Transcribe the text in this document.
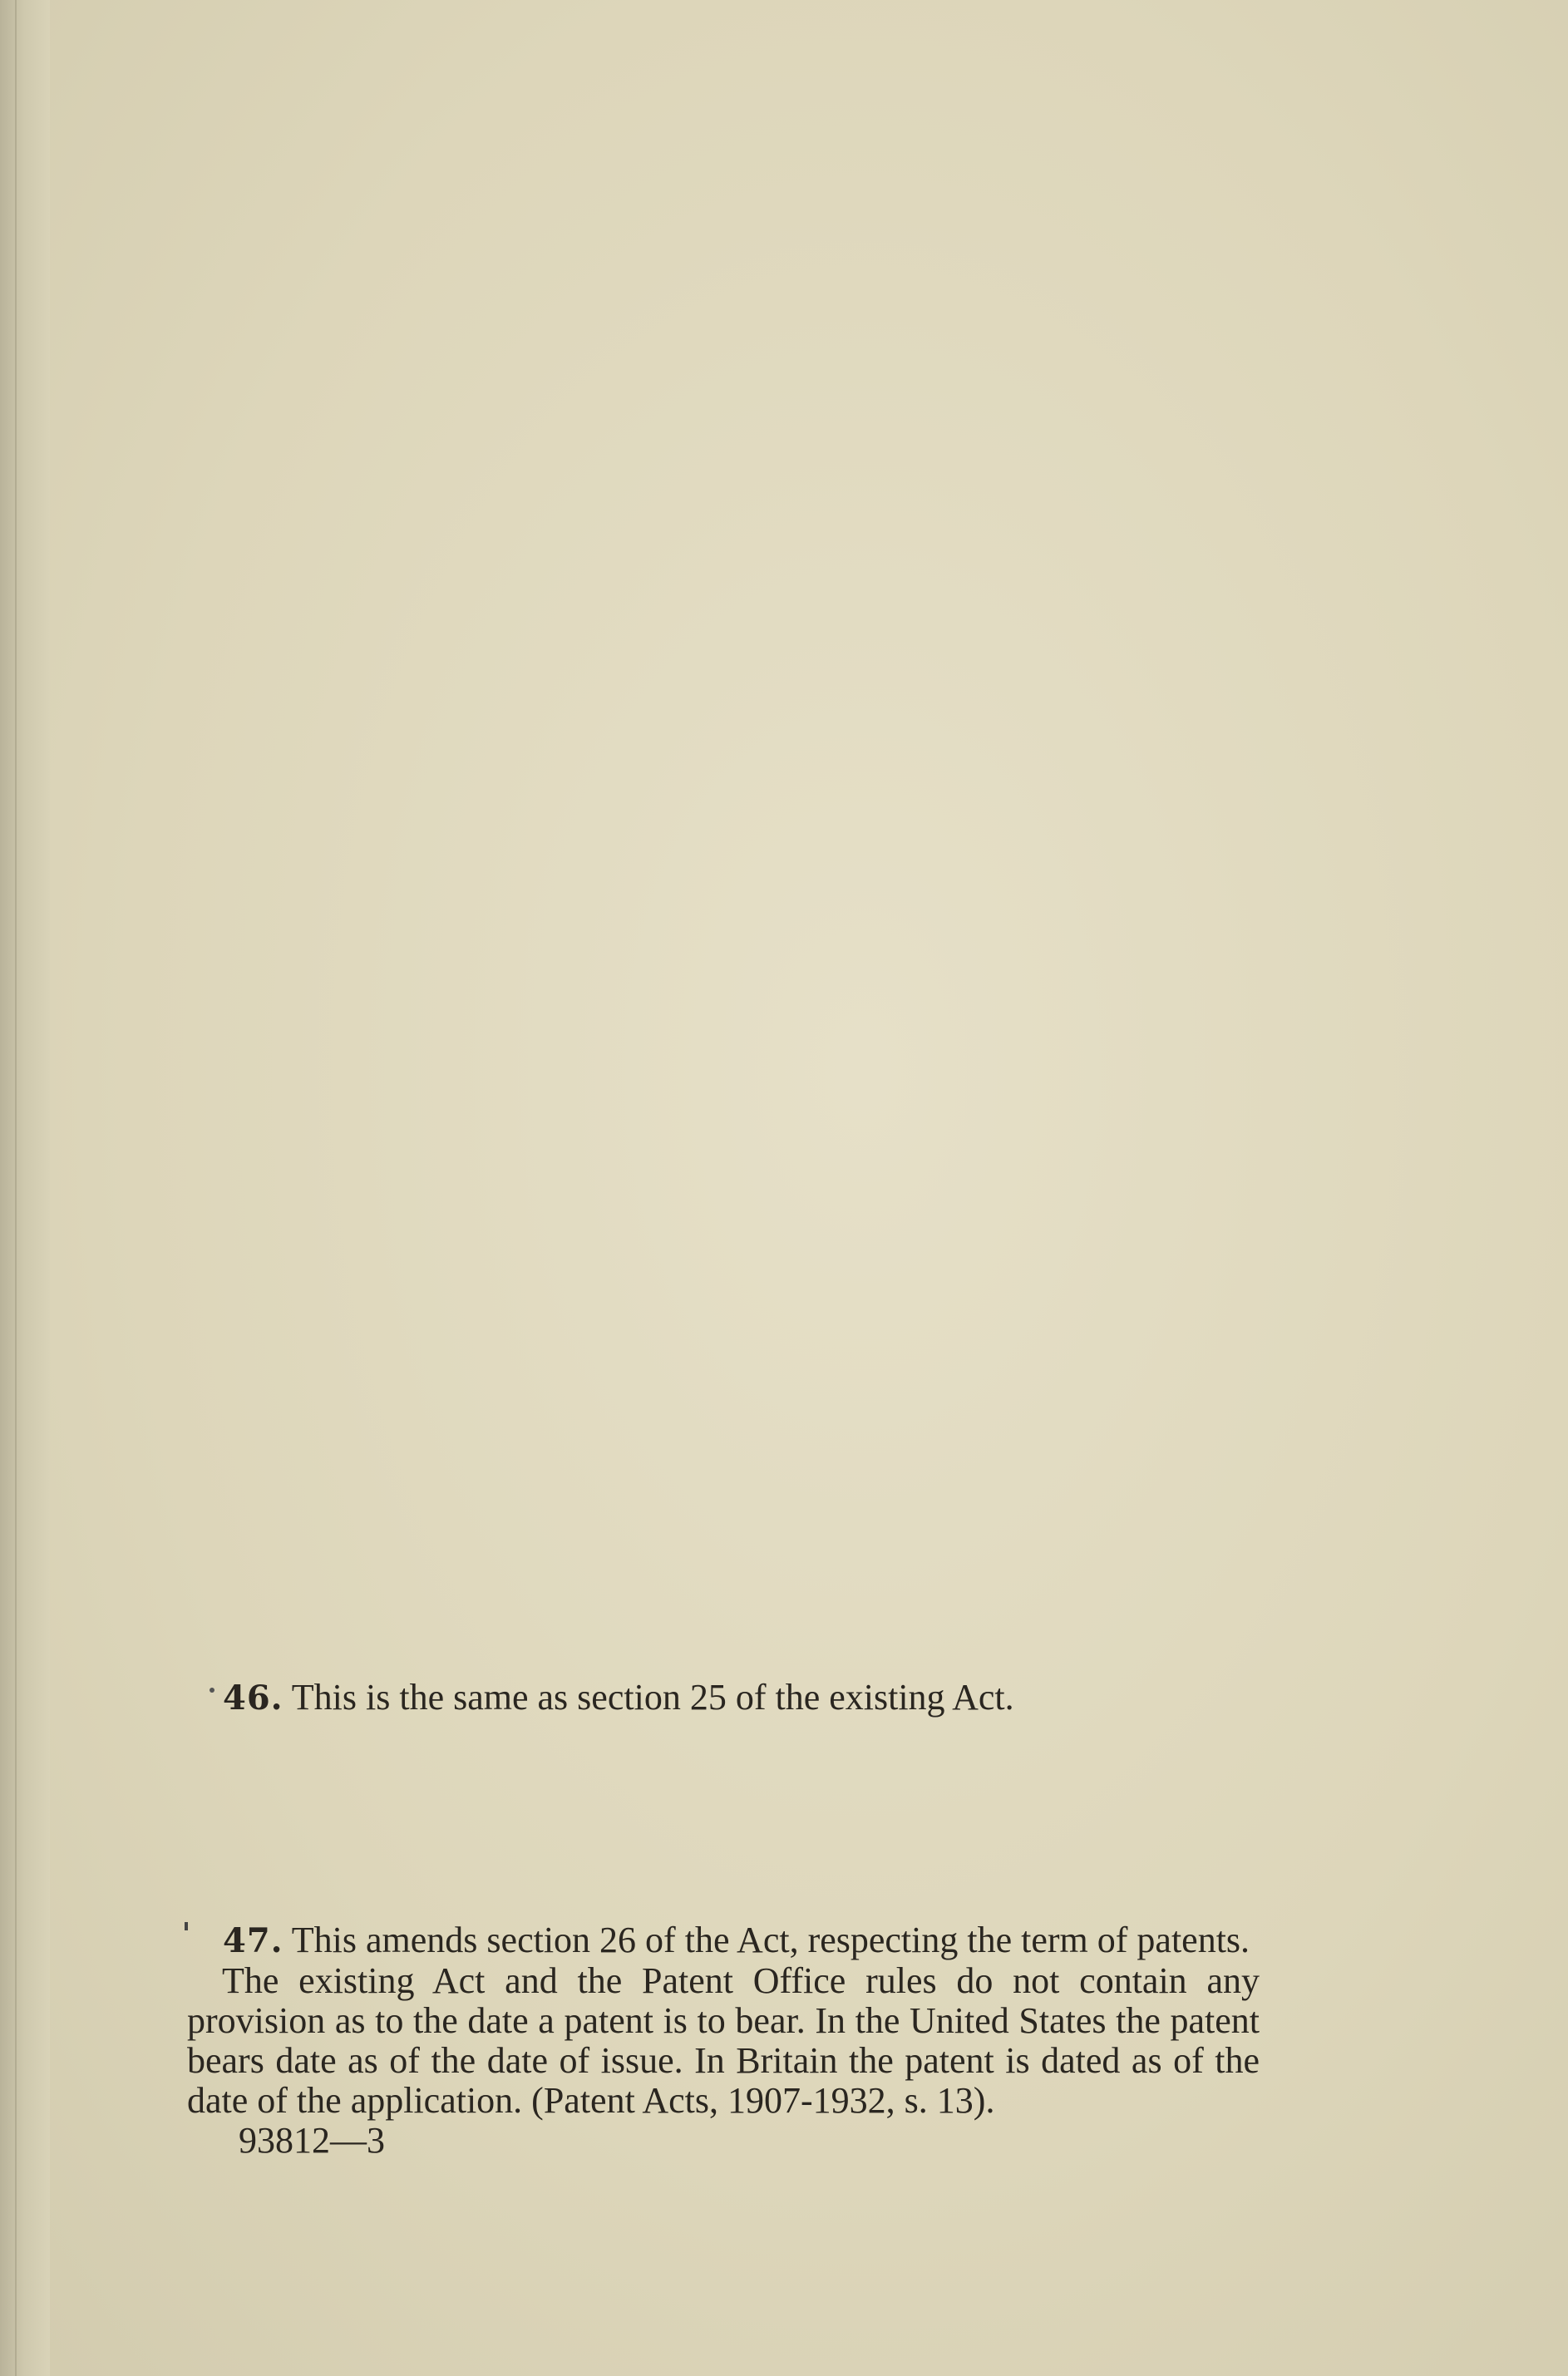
46. This is the same as section 25 of the existing Act.

47. This amends section 26 of the Act, respecting the term of patents.

The existing Act and the Patent Office rules do not contain any provision as to the date a patent is to bear. In the United States the patent bears date as of the date of issue. In Britain the patent is dated as of the date of the application. (Patent Acts, 1907-1932, s. 13).

93812—3
